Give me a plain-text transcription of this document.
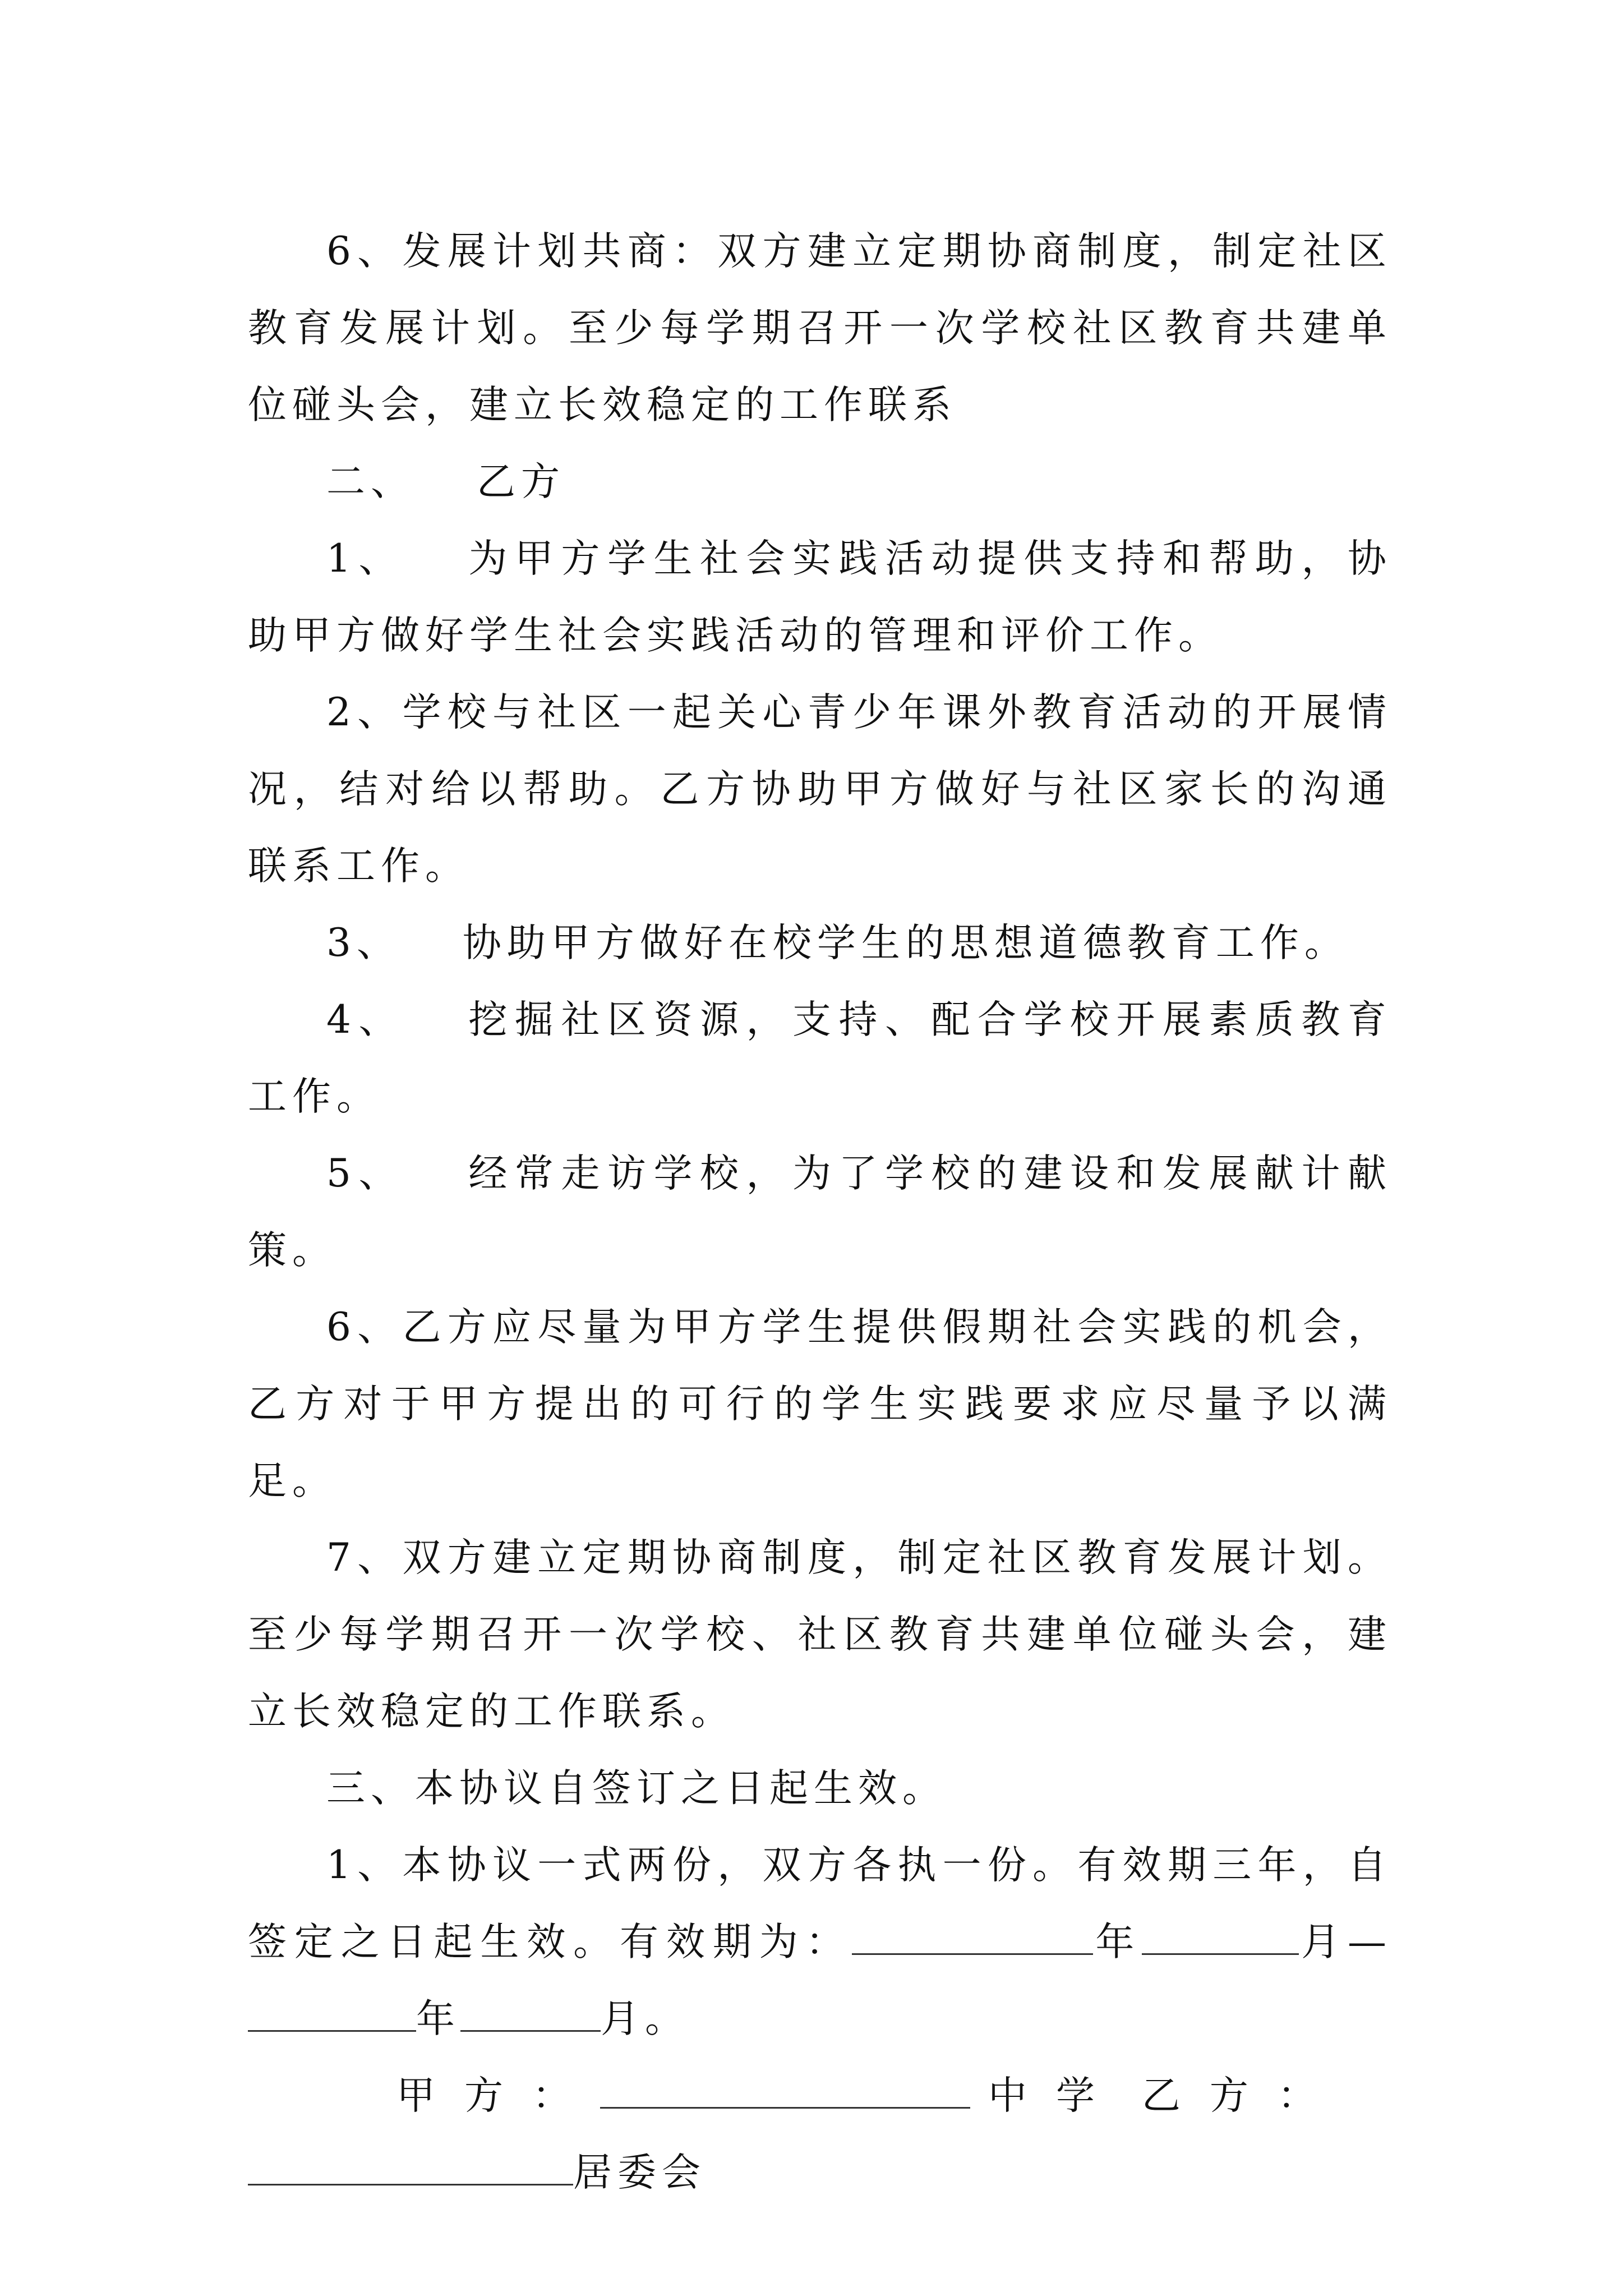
6、发展计划共商：双方建立定期协商制度，制定社区教育发展计划。至少每学期召开一次学校社区教育共建单位碰头会，建立长效稳定的工作联系

二、 乙方

1、 为甲方学生社会实践活动提供支持和帮助，协助甲方做好学生社会实践活动的管理和评价工作。

2、学校与社区一起关心青少年课外教育活动的开展情况，结对给以帮助。乙方协助甲方做好与社区家长的沟通联系工作。

3、 协助甲方做好在校学生的思想道德教育工作。

4、 挖掘社区资源，支持、配合学校开展素质教育工作。

5、 经常走访学校，为了学校的建设和发展献计献策。

6、乙方应尽量为甲方学生提供假期社会实践的机会，乙方对于甲方提出的可行的学生实践要求应尽量予以满足。

7、双方建立定期协商制度，制定社区教育发展计划。至少每学期召开一次学校、社区教育共建单位碰头会，建立长效稳定的工作联系。

三、本协议自签订之日起生效。

1、本协议一式两份，双方各执一份。有效期三年，自签定之日起生效。有效期为：	年	月—年	月。

甲方：	中学 乙方：

居委会
